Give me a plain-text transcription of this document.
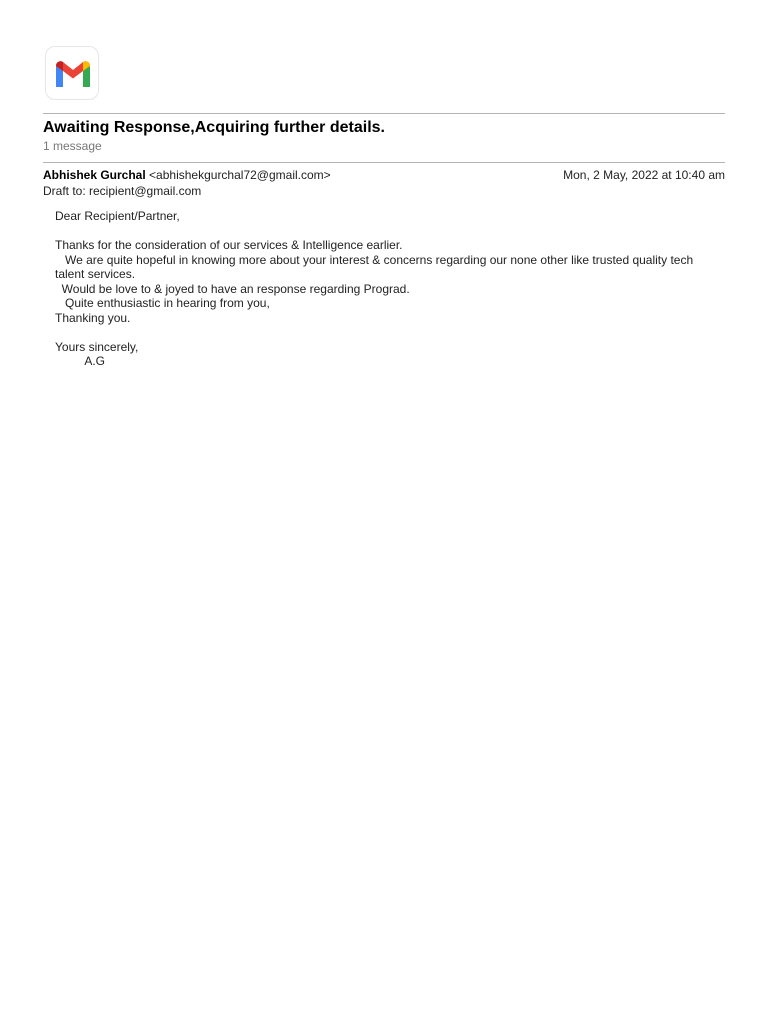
Awaiting Response,Acquiring further details.
1 message
Abhishek Gurchal <abhishekgurchal72@gmail.com>	Mon, 2 May, 2022 at 10:40 am
Draft to: recipient@gmail.com
Dear Recipient/Partner,
Thanks for the consideration of our services & Intelligence earlier.
We are quite hopeful in knowing more about your interest & concerns regarding our none other like trusted quality tech talent services.
Would be love to & joyed to have an response regarding Prograd.
Quite enthusiastic in hearing from you,
Thanking you.
Yours sincerely,
A.G
